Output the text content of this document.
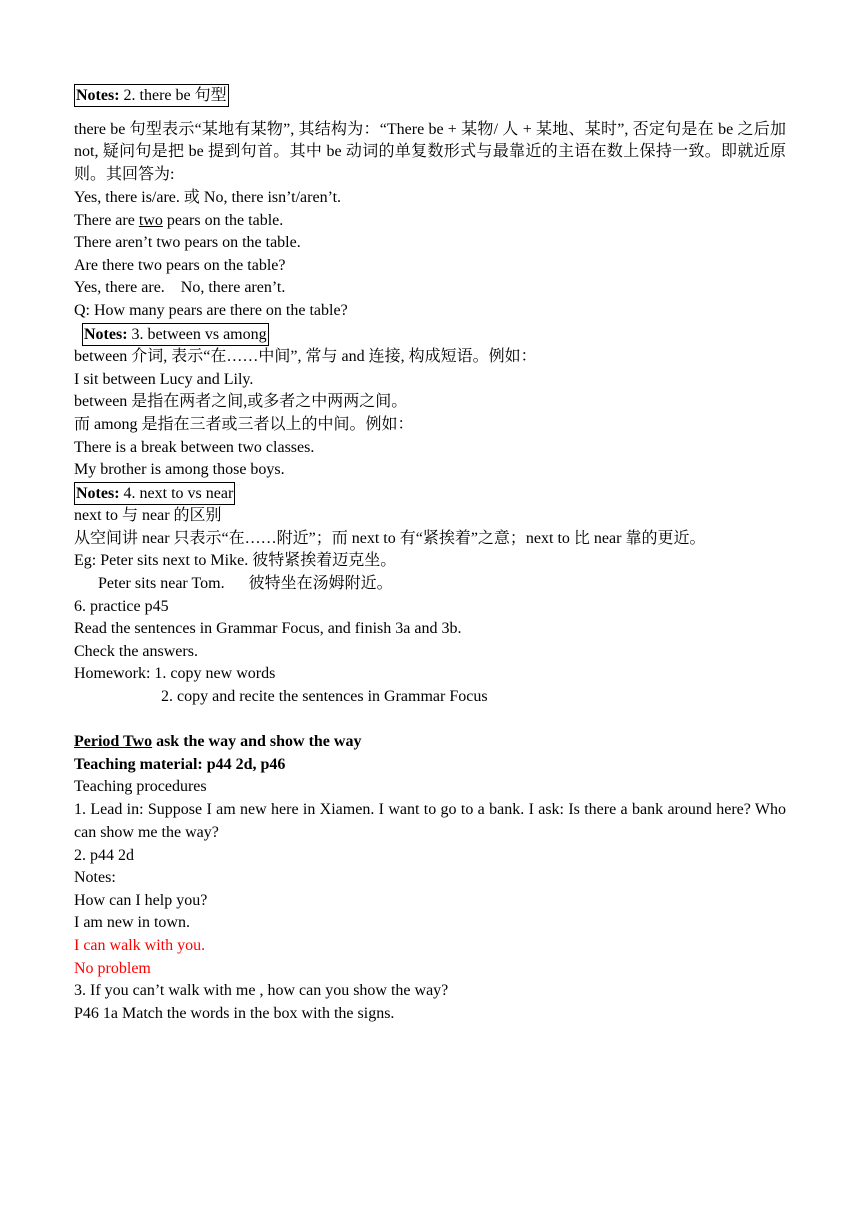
Notes: 2. there be 句型
there be 句型表示“某地有某物”, 其结构为：“There be + 某物/ 人 + 某地、某时”, 否定句是在 be 之后加 not, 疑问句是把 be 提到句首。其中 be 动词的单复数形式与最靠近的主语在数上保持一致。即就近原则。其回答为:
Yes, there is/are. 或 No, there isn’t/aren’t.
There are two pears on the table.
There aren’t two pears on the table.
Are there two pears on the table?
Yes, there are.    No, there aren’t.
Q: How many pears are there on the table?
Notes: 3. between vs among
between 介词, 表示“在……中间”, 常与 and 连接, 构成短语。例如：
I sit between Lucy and Lily.
between 是指在两者之间,或多者之中两两之间。
而 among 是指在三者或三者以上的中间。例如：
There is a break between two classes.
My brother is among those boys.
Notes: 4. next to vs near
next to 与 near 的区别
从空间讲 near 只表示“在……附近”；而 next to 有“紧挨着”之意；next to 比 near 靠的更近。
Eg: Peter sits next to Mike. 彼特紧挨着迈克坐。
Peter sits near Tom.      彼特坐在汤姆附近。
6. practice p45
Read the sentences in Grammar Focus, and finish 3a and 3b.
Check the answers.
Homework: 1. copy new words
2. copy and recite the sentences in Grammar Focus
Period Two ask the way and show the way
Teaching material: p44 2d, p46
Teaching procedures
1. Lead in: Suppose I am new here in Xiamen. I want to go to a bank. I ask: Is there a bank around here? Who can show me the way?
2. p44 2d
Notes:
How can I help you?
I am new in town.
I can walk with you.
No problem
3. If you can’t walk with me , how can you show the way?
P46 1a Match the words in the box with the signs.
